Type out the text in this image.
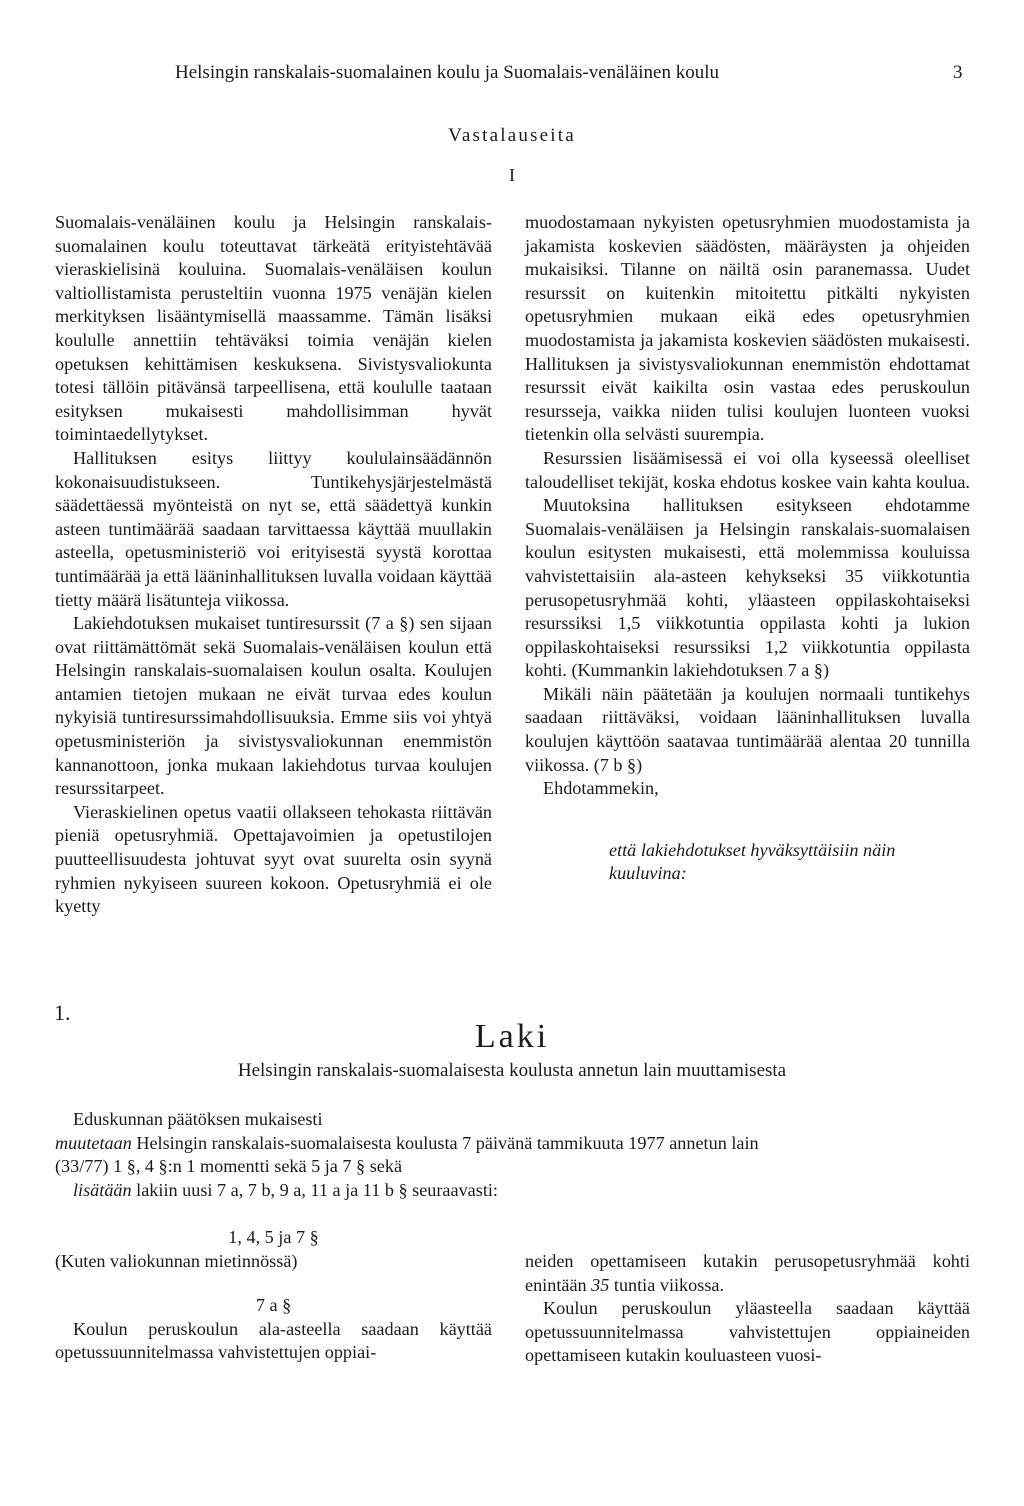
Helsingin ranskalais-suomalainen koulu ja Suomalais-venäläinen koulu	3
Vastalauseita
I

Suomalais-venäläinen koulu ja Helsingin ranskalais-suomalainen koulu toteuttavat tärkeätä erityistehtävää vieraskielisinä kouluina. Suomalais-venäläisen koulun valtiollistamista perusteltiin vuonna 1975 venäjän kielen merkityksen lisääntymisellä maassamme. Tämän lisäksi koululle annettiin tehtäväksi toimia venäjän kielen opetuksen kehittämisen keskuksena. Sivistysvaliokunta totesi tällöin pitävänsä tarpeellisena, että koululle taataan esityksen mukaisesti mahdollisimman hyvät toimintaedellytykset.

Hallituksen esitys liittyy koululainsäädännön kokonaisuudistukseen. Tuntikehysjärjestelmästä säädettäessä myönteistä on nyt se, että säädettyä kunkin asteen tuntimäärää saadaan tarvittaessa käyttää muullakin asteella, opetusministeriö voi erityisestä syystä korottaa tuntimäärää ja että lääninhallituksen luvalla voidaan käyttää tietty määrä lisätunteja viikossa.

Lakiehdotuksen mukaiset tuntiresurssit (7 a §) sen sijaan ovat riittämättömät sekä Suomalais-venäläisen koulun että Helsingin ranskalais-suomalaisen koulun osalta. Koulujen antamien tietojen mukaan ne eivät turvaa edes koulun nykyisiä tuntiresurssimahdollisuuksia. Emme siis voi yhtyä opetusministeriön ja sivistysvaliokunnan enemmistön kannanottoon, jonka mukaan lakiehdotus turvaa koulujen resurssitarpeet.

Vieraskielinen opetus vaatii ollakseen tehokasta riittävän pieniä opetusryhmiä. Opettajavoimien ja opetustilojen puutteellisuudesta johtuvat syyt ovat suurelta osin syynä ryhmien nykyiseen suureen kokoon. Opetusryhmiä ei ole kyetty

muodostamaan nykyisten opetusryhmien muodostamista ja jakamista koskevien säädösten, määräysten ja ohjeiden mukaisiksi. Tilanne on näiltä osin paranemassa. Uudet resurssit on kuitenkin mitoitettu pitkälti nykyisten opetusryhmien mukaan eikä edes opetusryhmien muodostamista ja jakamista koskevien säädösten mukaisesti. Hallituksen ja sivistysvaliokunnan enemmistön ehdottamat resurssit eivät kaikilta osin vastaa edes peruskoulun resursseja, vaikka niiden tulisi koulujen luonteen vuoksi tietenkin olla selvästi suurempia.

Resurssien lisäämisessä ei voi olla kyseessä oleelliset taloudelliset tekijät, koska ehdotus koskee vain kahta koulua.

Muutoksina hallituksen esitykseen ehdotamme Suomalais-venäläisen ja Helsingin ranskalais-suomalaisen koulun esitysten mukaisesti, että molemmissa kouluissa vahvistettaisiin ala-asteen kehykseksi 35 viikkotuntia perusopetusryhmää kohti, yläasteen oppilaskohtaiseksi resurssiksi 1,5 viikkotuntia oppilasta kohti ja lukion oppilaskohtaiseksi resurssiksi 1,2 viikkotuntia oppilasta kohti. (Kummankin lakiehdotuksen 7 a §)

Mikäli näin päätetään ja koulujen normaali tuntikehys saadaan riittäväksi, voidaan lääninhallituksen luvalla koulujen käyttöön saatavaa tuntimäärää alentaa 20 tunnilla viikossa. (7 b §)

Ehdotammekin,

että lakiehdotukset hyväksyttäisiin näin kuuluvina:

1.
Laki
Helsingin ranskalais-suomalaisesta koulusta annetun lain muuttamisesta
Eduskunnan päätöksen mukaisesti
muutetaan Helsingin ranskalais-suomalaisesta koulusta 7 päivänä tammikuuta 1977 annetun lain
(33/77) 1 §, 4 §:n 1 momentti sekä 5 ja 7 § sekä
lisätään lakiin uusi 7 a, 7 b, 9 a, 11 a ja 11 b § seuraavasti:
1, 4, 5 ja 7 §
(Kuten valiokunnan mietinnössä)
7 a §
Koulun peruskoulun ala-asteella saadaan käyttää opetussuunnitelmassa vahvistettujen oppiai-

neiden opettamiseen kutakin perusopetusryhmää kohti enintään 35 tuntia viikossa.

Koulun peruskoulun yläasteella saadaan käyttää opetussuunnitelmassa vahvistettujen oppiaineiden opettamiseen kutakin kouluasteen vuosi-
